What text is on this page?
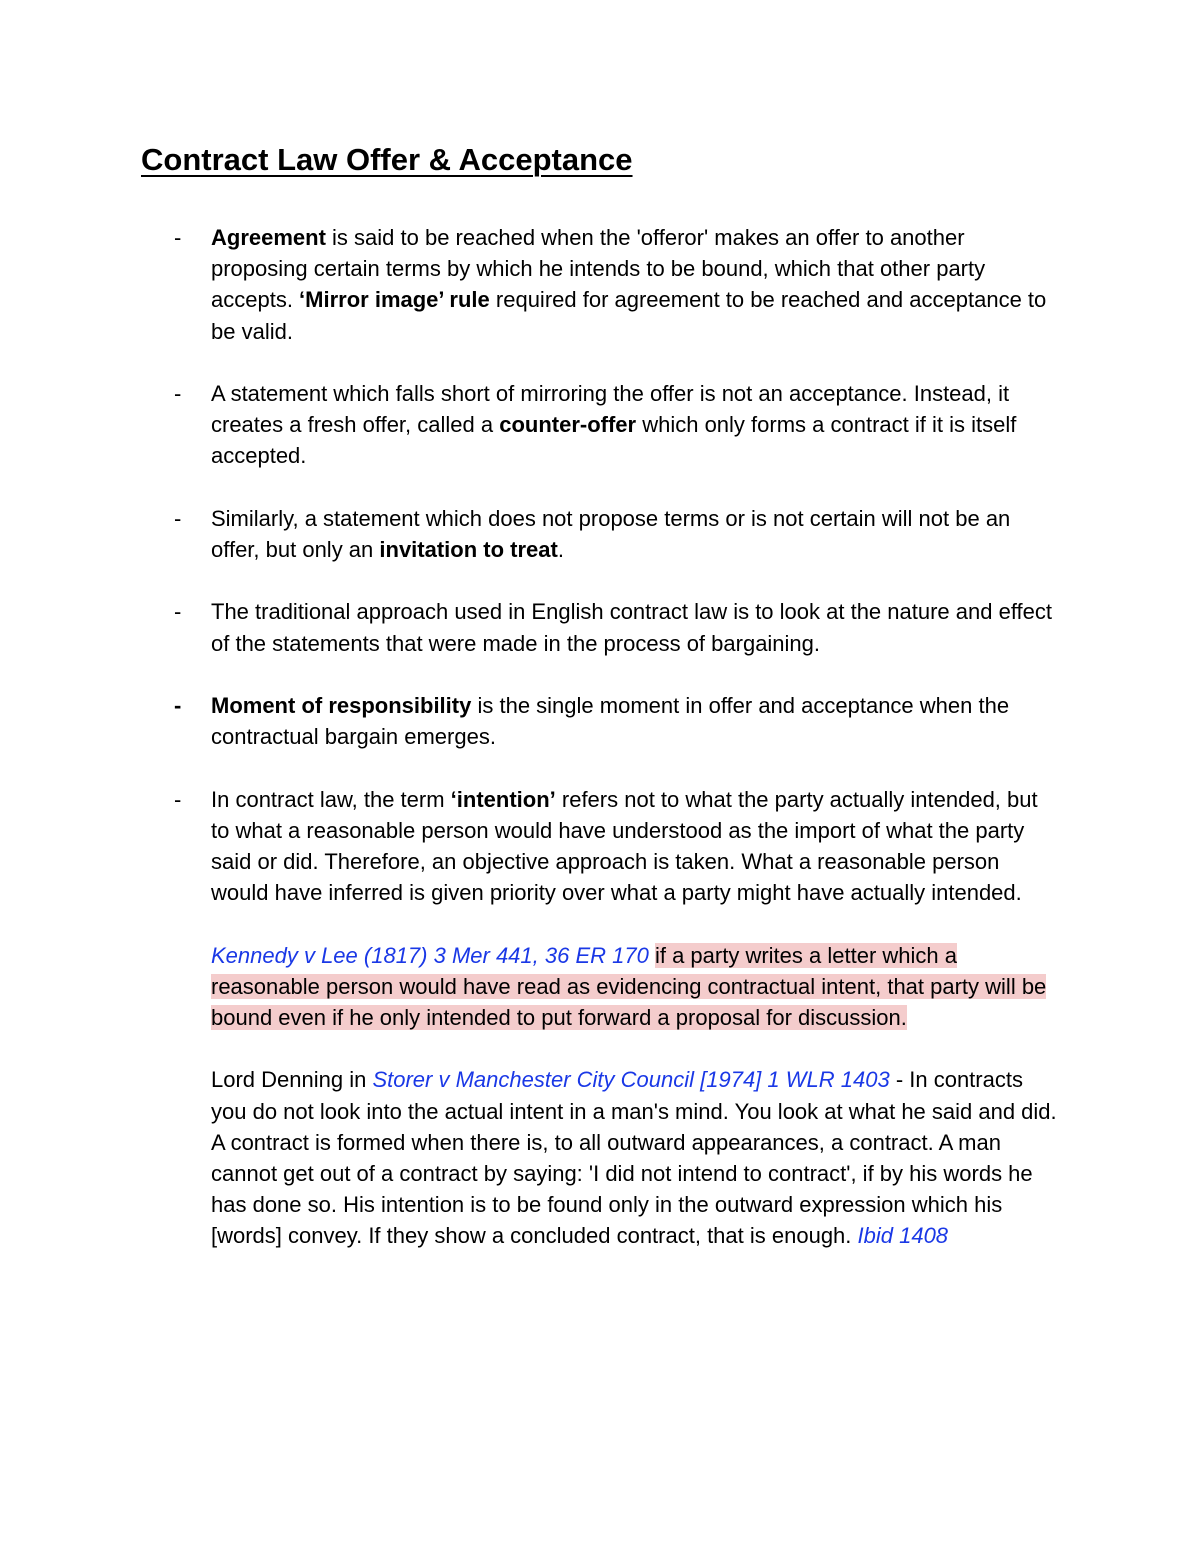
Contract Law Offer & Acceptance
- Agreement is said to be reached when the 'offeror' makes an offer to another proposing certain terms by which he intends to be bound, which that other party accepts. ‘Mirror image’ rule required for agreement to be reached and acceptance to be valid.
- A statement which falls short of mirroring the offer is not an acceptance. Instead, it creates a fresh offer, called a counter-offer which only forms a contract if it is itself accepted.
- Similarly, a statement which does not propose terms or is not certain will not be an offer, but only an invitation to treat.
- The traditional approach used in English contract law is to look at the nature and effect of the statements that were made in the process of bargaining.
- Moment of responsibility is the single moment in offer and acceptance when the contractual bargain emerges.
- In contract law, the term ‘intention’ refers not to what the party actually intended, but to what a reasonable person would have understood as the import of what the party said or did. Therefore, an objective approach is taken. What a reasonable person would have inferred is given priority over what a party might have actually intended.
Kennedy v Lee (1817) 3 Mer 441, 36 ER 170 if a party writes a letter which a reasonable person would have read as evidencing contractual intent, that party will be bound even if he only intended to put forward a proposal for discussion.
Lord Denning in Storer v Manchester City Council [1974] 1 WLR 1403 - In contracts you do not look into the actual intent in a man's mind. You look at what he said and did. A contract is formed when there is, to all outward appearances, a contract. A man cannot get out of a contract by saying: 'I did not intend to contract', if by his words he has done so. His intention is to be found only in the outward expression which his [words] convey. If they show a concluded contract, that is enough. Ibid 1408
